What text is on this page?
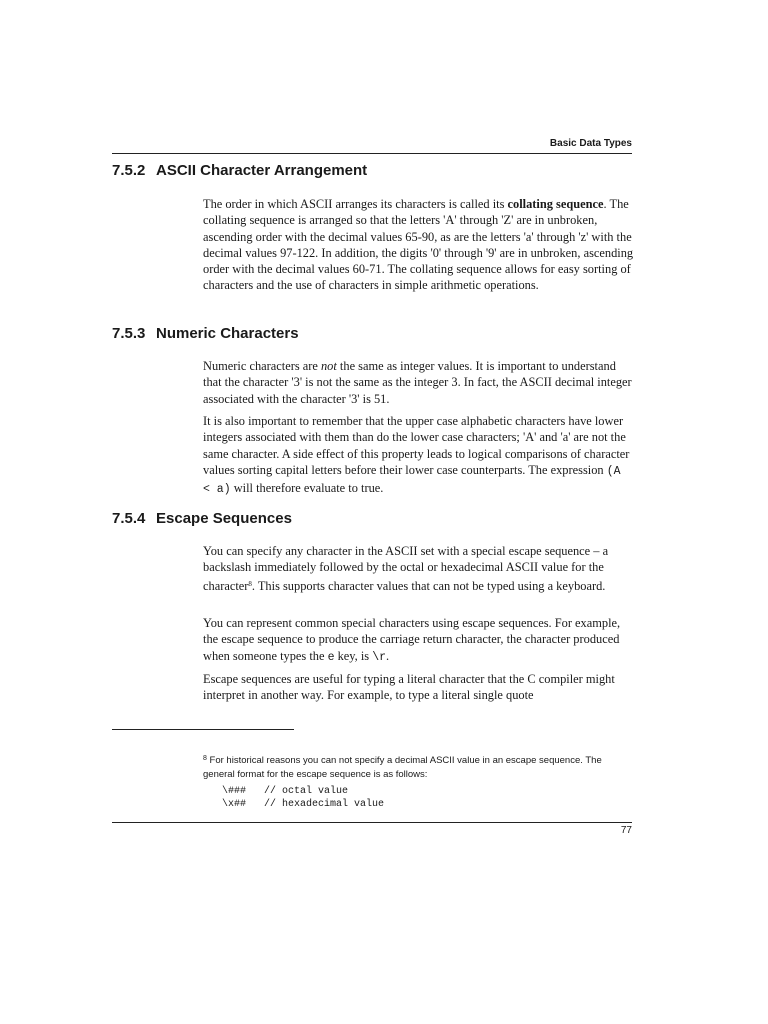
Basic Data Types
7.5.2 ASCII Character Arrangement

The order in which ASCII arranges its characters is called its collating sequence. The collating sequence is arranged so that the letters 'A' through 'Z' are in unbroken, ascending order with the decimal values 65-90, as are the letters 'a' through 'z' with the decimal values 97-122. In addition, the digits '0' through '9' are in unbroken, ascending order with the decimal values 60-71. The collating sequence allows for easy sorting of characters and the use of characters in simple arithmetic operations.

7.5.3 Numeric Characters

Numeric characters are not the same as integer values. It is important to understand that the character '3' is not the same as the integer 3. In fact, the ASCII decimal integer associated with the character '3' is 51.

It is also important to remember that the upper case alphabetic characters have lower integers associated with them than do the lower case characters; 'A' and 'a' are not the same character. A side effect of this property leads to logical comparisons of character values sorting capital letters before their lower case counterparts. The expression (A < a) will therefore evaluate to true.

7.5.4 Escape Sequences

You can specify any character in the ASCII set with a special escape sequence – a backslash immediately followed by the octal or hexadecimal ASCII value for the character$^8$. This supports character values that can not be typed using a keyboard.

You can represent common special characters using escape sequences. For example, the escape sequence to produce the carriage return character, the character produced when someone types the e key, is \r.

Escape sequences are useful for typing a literal character that the C compiler might interpret in another way. For example, to type a literal single quote

$^8$ For historical reasons you can not specify a decimal ASCII value in an escape sequence. The general format for the escape sequence is as follows:

\###   // octal value
\x##   // hexadecimal value
77
